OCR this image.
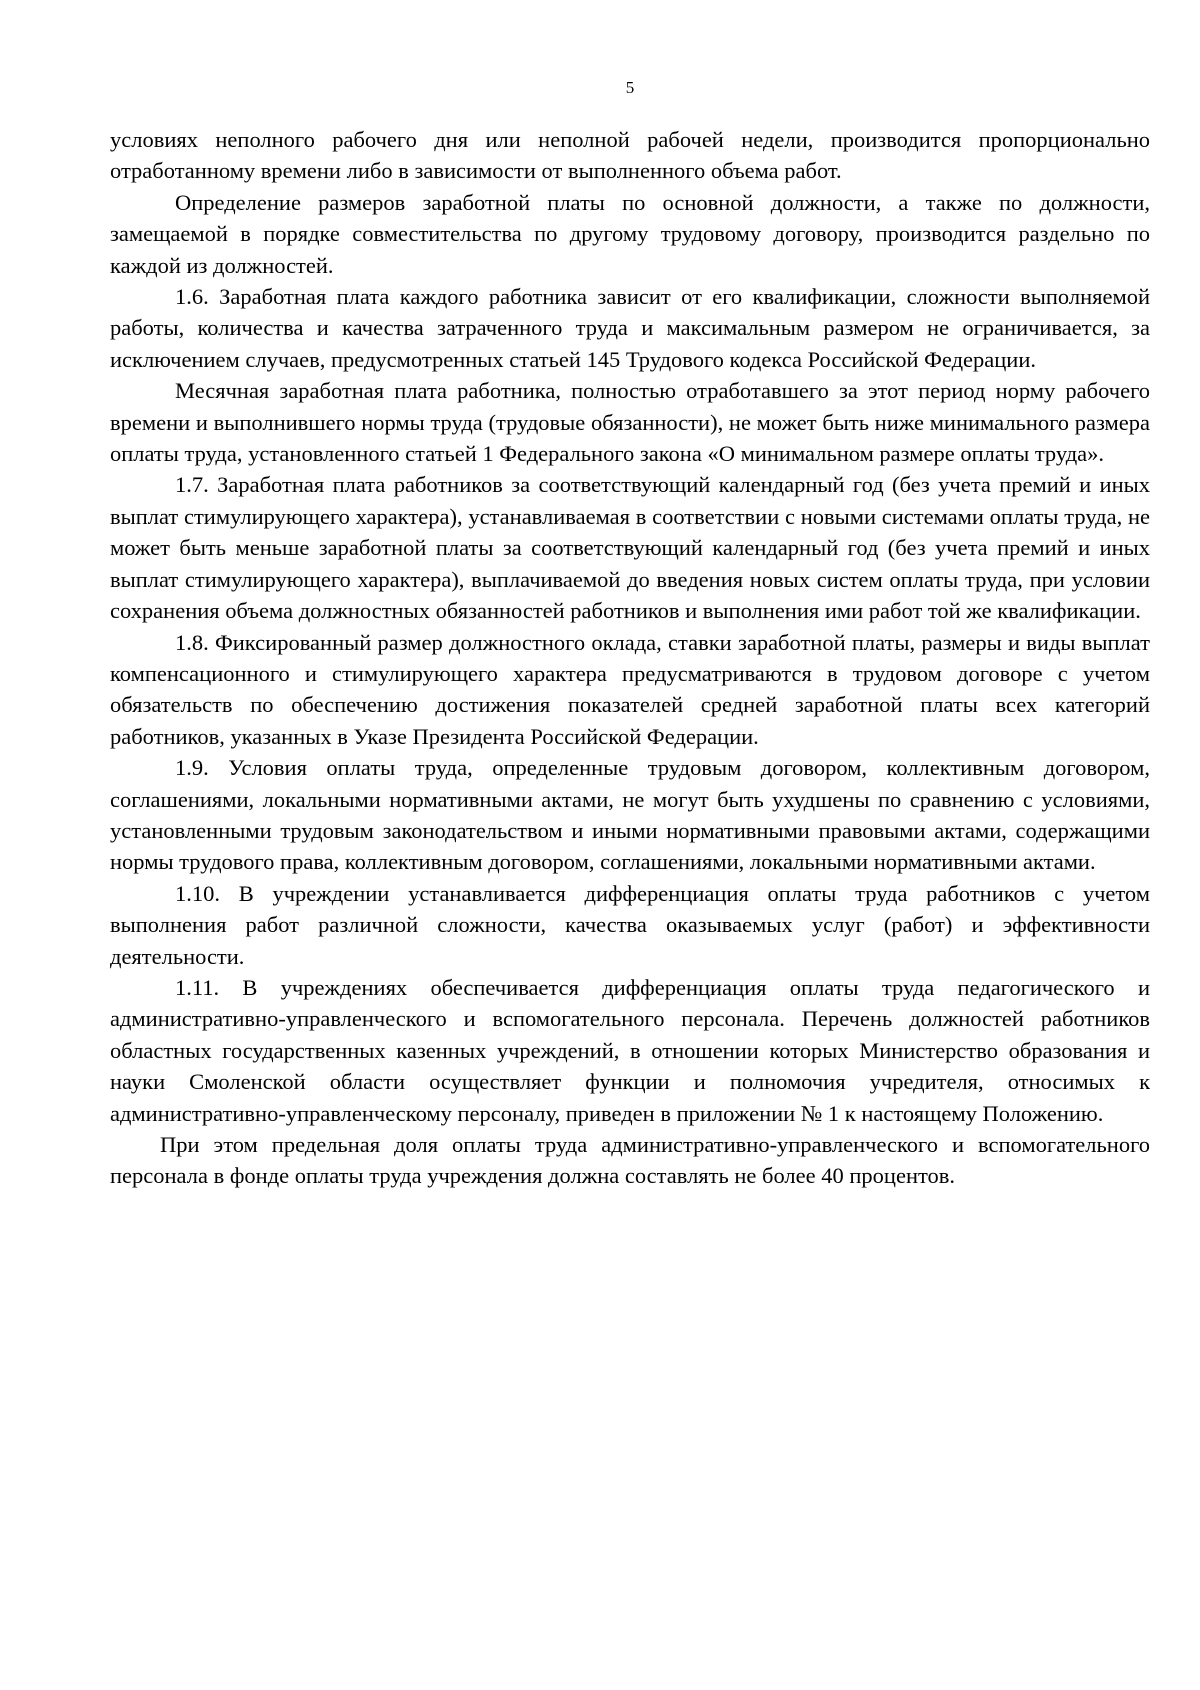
5

условиях неполного рабочего дня или неполной рабочей недели, производится пропорционально отработанному времени либо в зависимости от выполненного объема работ.

Определение размеров заработной платы по основной должности, а также по должности, замещаемой в порядке совместительства по другому трудовому договору, производится раздельно по каждой из должностей.

1.6. Заработная плата каждого работника зависит от его квалификации, сложности выполняемой работы, количества и качества затраченного труда и максимальным размером не ограничивается, за исключением случаев, предусмотренных статьей 145 Трудового кодекса Российской Федерации.

Месячная заработная плата работника, полностью отработавшего за этот период норму рабочего времени и выполнившего нормы труда (трудовые обязанности), не может быть ниже минимального размера оплаты труда, установленного статьей 1 Федерального закона «О минимальном размере оплаты труда».

1.7. Заработная плата работников за соответствующий календарный год (без учета премий и иных выплат стимулирующего характера), устанавливаемая в соответствии с новыми системами оплаты труда, не может быть меньше заработной платы за соответствующий календарный год (без учета премий и иных выплат стимулирующего характера), выплачиваемой до введения новых систем оплаты труда, при условии сохранения объема должностных обязанностей работников и выполнения ими работ той же квалификации.

1.8. Фиксированный размер должностного оклада, ставки заработной платы, размеры и виды выплат компенсационного и стимулирующего характера предусматриваются в трудовом договоре с учетом обязательств по обеспечению достижения показателей средней заработной платы всех категорий работников, указанных в Указе Президента Российской Федерации.

1.9. Условия оплаты труда, определенные трудовым договором, коллективным договором, соглашениями, локальными нормативными актами, не могут быть ухудшены по сравнению с условиями, установленными трудовым законодательством и иными нормативными правовыми актами, содержащими нормы трудового права, коллективным договором, соглашениями, локальными нормативными актами.

1.10. В учреждении устанавливается дифференциация оплаты труда работников с учетом выполнения работ различной сложности, качества оказываемых услуг (работ) и эффективности деятельности.

1.11. В учреждениях обеспечивается дифференциация оплаты труда педагогического и административно-управленческого и вспомогательного персонала. Перечень должностей работников областных государственных казенных учреждений, в отношении которых Министерство образования и науки Смоленской области осуществляет функции и полномочия учредителя, относимых к административно-управленческому персоналу, приведен в приложении № 1 к настоящему Положению.

При этом предельная доля оплаты труда административно-управленческого и вспомогательного персонала в фонде оплаты труда учреждения должна составлять не более 40 процентов.
